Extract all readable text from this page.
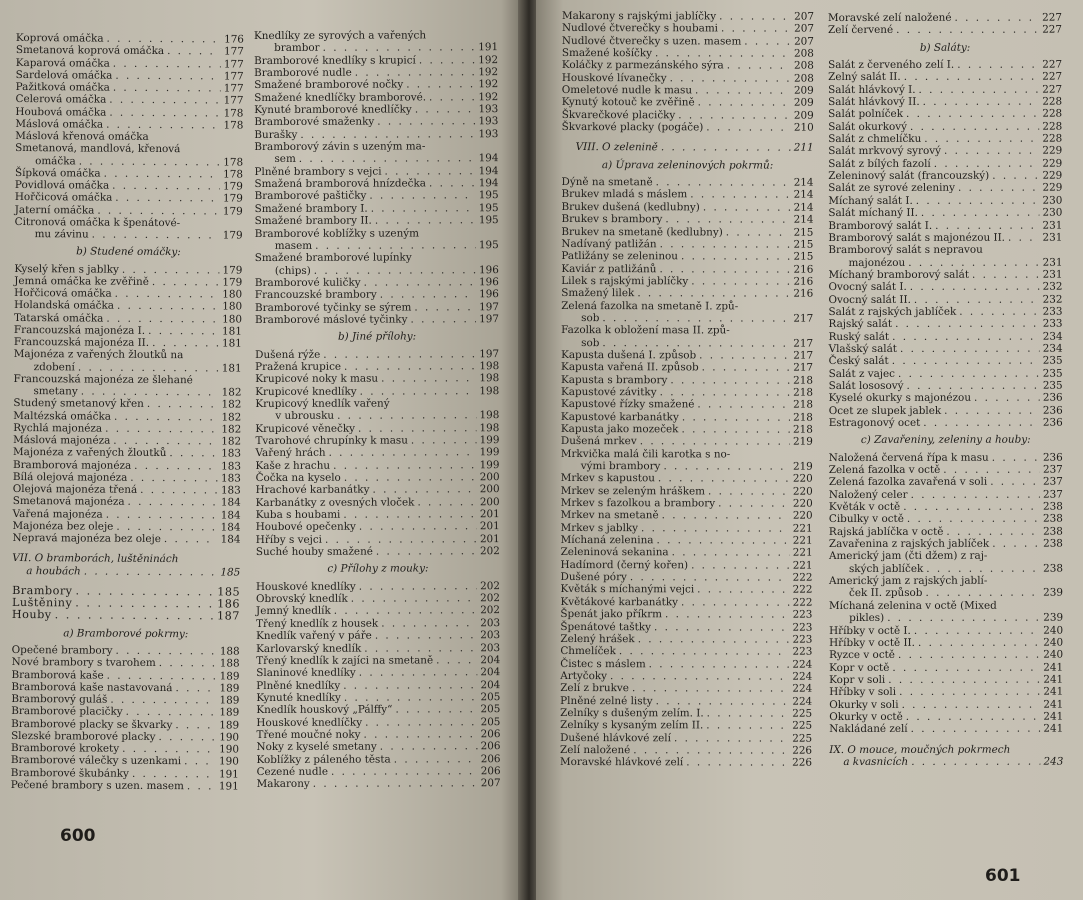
Koprová omáčka . . .	176
Smetanová koprová omáčka . . .	177
Kaparová omáčka . . .	177
Sardelová omáčka . . .	177
Pažitková omáčka . . .	177
Celerová omáčka . . .	177
Houbová omáčka . . .	178
Máslová omáčka . . .	178
Máslová křenová omáčka
Smetanová, mandlová, křenová
omáčka . . .	178
Šípková omáčka . . .	178
Povidlová omáčka . . .	179
Hořčicová omáčka . . .	179
Jaterní omáčka . . .	179
Citronová omáčka k špenátové-
mu závinu . . .	179
b) Studené omáčky:
Kyselý křen s jablky . . .	179
Jemná omáčka ke zvěřině . . .	179
Hořčicová omáčka . . .	180
Holandská omáčka . . .	180
Tatarská omáčka . . .	180
Francouzská majonéza I. . . .	181
Francouzská majonéza II. . . .	181
Majonéza z vařených žloutků na
zdobení . . .	181
Francouzská majonéza ze šlehané
smetany . . .	182
Studený smetanový křen . . .	182
Maltézská omáčka . . .	182
Rychlá majonéza . . .	182
Máslová majonéza . . .	182
Majonéza z vařených žloutků . . .	183
Bramborová majonéza . . .	183
Bílá olejová majonéza . . .	183
Olejová majonéza třená . . .	183
Smetanová majonéza . . .	184
Vařená majonéza . . .	184
Majonéza bez oleje . . .	184
Nepravá majonéza bez oleje . . .	184
VII. O bramborách, luštěninách
a houbách . . .	185
Brambory . . .	185
Luštěniny . . .	186
Houby . . .	187
a) Bramborové pokrmy:
Opečené brambory . . .	188
Nové brambory s tvarohem . . .	188
Bramborová kaše . . .	189
Bramborová kaše nastavovaná . . .	189
Bramborový guláš . . .	189
Bramborové placičky . . .	189
Bramborové placky se škvarky . . .	189
Slezské bramborové placky . . .	190
Bramborové krokety . . .	190
Bramborové válečky s uzenkami . . .	190
Bramborové škubánky . . .	191
Pečené brambory s uzen. masem . . .	191
Knedlíky ze syrových a vařených
brambor . . .	191
Bramborové knedlíky s krupicí . . .	192
Bramborové nudle . . .	192
Smažené bramborové nočky . . .	192
Smažené knedlíčky bramborové. . . .	192
Kynuté bramborové knedlíčky . . .	193
Bramborové smaženky . . .	193
Burašky . . .	193
Bramborový závin s uzeným ma-
sem . . .	194
Plněné brambory s vejci . . .	194
Smažená bramborová hnízdečka . . .	194
Bramborové paštičky . . .	195
Smažené brambory I. . . .	195
Smažené brambory II. . . .	195
Bramborové koblížky s uzeným
masem . . .	195
Smažené bramborové lupínky
(chips) . . .	196
Bramborové kuličky . . .	196
Francouzské brambory . . .	196
Bramborové tyčinky se sýrem . . .	197
Bramborové máslové tyčinky . . .	197
b) Jiné přílohy:
Dušená rýže . . .	197
Pražená krupice . . .	198
Krupicové noky k masu . . .	198
Krupicové knedlíky . . .	198
Krupicový knedlík vařený
v ubrousku . . .	198
Krupicové věnečky . . .	198
Tvarohové chrupínky k masu . . .	199
Vařený hrách . . .	199
Kaše z hrachu . . .	199
Čočka na kyselo . . .	200
Hrachové karbanátky . . .	200
Karbanátky z ovesných vloček . . .	200
Kuba s houbami . . .	201
Houbové opečenky . . .	201
Hříby s vejci . . .	201
Suché houby smažené . . .	202
c) Přílohy z mouky:
Houskové knedlíky . . .	202
Obrovský knedlík . . .	202
Jemný knedlík . . .	202
Třený knedlík z housek . . .	203
Knedlík vařený v páře . . .	203
Karlovarský knedlík . . .	203
Třený knedlík k zajíci na smetaně . . .	204
Slaninové knedlíky . . .	204
Plněné knedlíky . . .	204
Kynuté knedlíky . . .	205
Knedlík houskový „Pálffy“ . . .	205
Houskové knedlíčky . . .	205
Třené moučné noky . . .	206
Noky z kyselé smetany . . .	206
Koblížky z páleného těsta . . .	206
Cezené nudle . . .	206
Makarony . . .	207
600
601
Makarony s rajskými jablíčky . . .	207
Nudlové čtverečky s houbami . . .	207
Nudlové čtverečky s uzen. masem . . .	207
Smažené košíčky . . .	208
Koláčky z parmezánského sýra . . .	208
Houskové lívanečky . . .	208
Omeletové nudle k masu . . .	209
Kynutý kotouč ke zvěřině . . .	209
Škvarečkové placičky . . .	209
Škvarkové placky (pogáče) . . .	210
VIII. O zelenině . . .	211
a) Úprava zeleninových pokrmů:
Dýně na smetaně . . .	214
Brukev mladá s máslem . . .	214
Brukev dušená (kedlubny) . . .	214
Brukev s brambory . . .	214
Brukev na smetaně (kedlubny) . . .	215
Nadívaný patližán . . .	215
Patližány se zeleninou . . .	215
Kaviár z patližánů . . .	216
Lilek s rajskými jablíčky . . .	216
Smažený lilek . . .	216
Zelená fazolka na smetaně I. způ-
sob . . .	217
Fazolka k obložení masa II. způ-
sob . . .	217
Kapusta dušená I. způsob . . .	217
Kapusta vařená II. způsob . . .	217
Kapusta s brambory . . .	218
Kapustové závitky . . .	218
Kapustové řízky smažené . . .	218
Kapustové karbanátky . . .	218
Kapusta jako mozeček . . .	218
Dušená mrkev . . .	219
Mrkvička malá čili karotka s no-
vými brambory . . .	219
Mrkev s kapustou . . .	220
Mrkev se zeleným hráškem . . .	220
Mrkev s fazolkou a brambory . . .	220
Mrkev na smetaně . . .	220
Mrkev s jablky . . .	221
Míchaná zelenina . . .	221
Zeleninová sekanina . . .	221
Hadímord (černý kořen) . . .	221
Dušené póry . . .	222
Květák s míchanými vejci . . .	222
Květákové karbanátky . . .	222
Špenát jako příkrm . . .	223
Špenátové taštky . . .	223
Zelený hrášek . . .	223
Chmelíček . . .	223
Čistec s máslem . . .	224
Artyčoky . . .	224
Zelí z brukve . . .	224
Plněné zelné listy . . .	224
Zelníky s dušeným zelím. I. . . .	225
Zelníky s kysaným zelím II. . . .	225
Dušené hlávkové zelí . . .	225
Zelí naložené . . .	226
Moravské hlávkové zelí . . .	226
Moravské zelí naložené . . .	227
Zelí červené . . .	227
b) Saláty:
Salát z červeného zelí I. . . .	227
Zelný salát II. . . .	227
Salát hlávkový I. . . .	227
Salát hlávkový II. . . .	228
Salát polníček . . .	228
Salát okurkový . . .	228
Salát z chmelíčku . . .	228
Salát mrkvový syrový . . .	229
Salát z bílých fazolí . . .	229
Zeleninový salát (francouzský) . . .	229
Salát ze syrové zeleniny . . .	229
Míchaný salát I. . . .	230
Salát míchaný II. . . .	230
Bramborový salát I. . . .	231
Bramborový salát s majonézou II. . . .	231
Bramborový salát s nepravou
majonézou . . .	231
Míchaný bramborový salát . . .	231
Ovocný salát I. . . .	232
Ovocný salát II. . . .	232
Salát z rajských jablíček . . .	233
Rajský salát . . .	233
Ruský salát . . .	234
Vlašský salát . . .	234
Český salát . . .	235
Salát z vajec . . .	235
Salát lososový . . .	235
Kyselé okurky s majonézou . . .	236
Ocet ze slupek jablek . . .	236
Estragonový ocet . . .	236
c) Zavařeniny, zeleniny a houby:
Naložená červená řípa k masu . . .	236
Zelená fazolka v octě . . .	237
Zelená fazolka zavařená v soli . . .	237
Naložený celer . . .	237
Květák v octě . . .	238
Cibulky v octě . . .	238
Rajská jablíčka v octě . . .	238
Zavařenina z rajských jablíček . . .	238
Americký jam (čti džem) z raj-
ských jablíček . . .	238
Americký jam z rajských jablí-
ček II. způsob . . .	239
Míchaná zelenina v octě (Mixed
pikles) . . .	239
Hříbky v octě I. . . .	240
Hříbky v octě II. . . .	240
Ryzce v octě . . .	240
Kopr v octě . . .	241
Kopr v soli . . .	241
Hříbky v soli . . .	241
Okurky v soli . . .	241
Okurky v octě . . .	241
Nakládané zelí . . .	241
IX. O mouce, moučných pokrmech
a kvasnicích . . .	243
